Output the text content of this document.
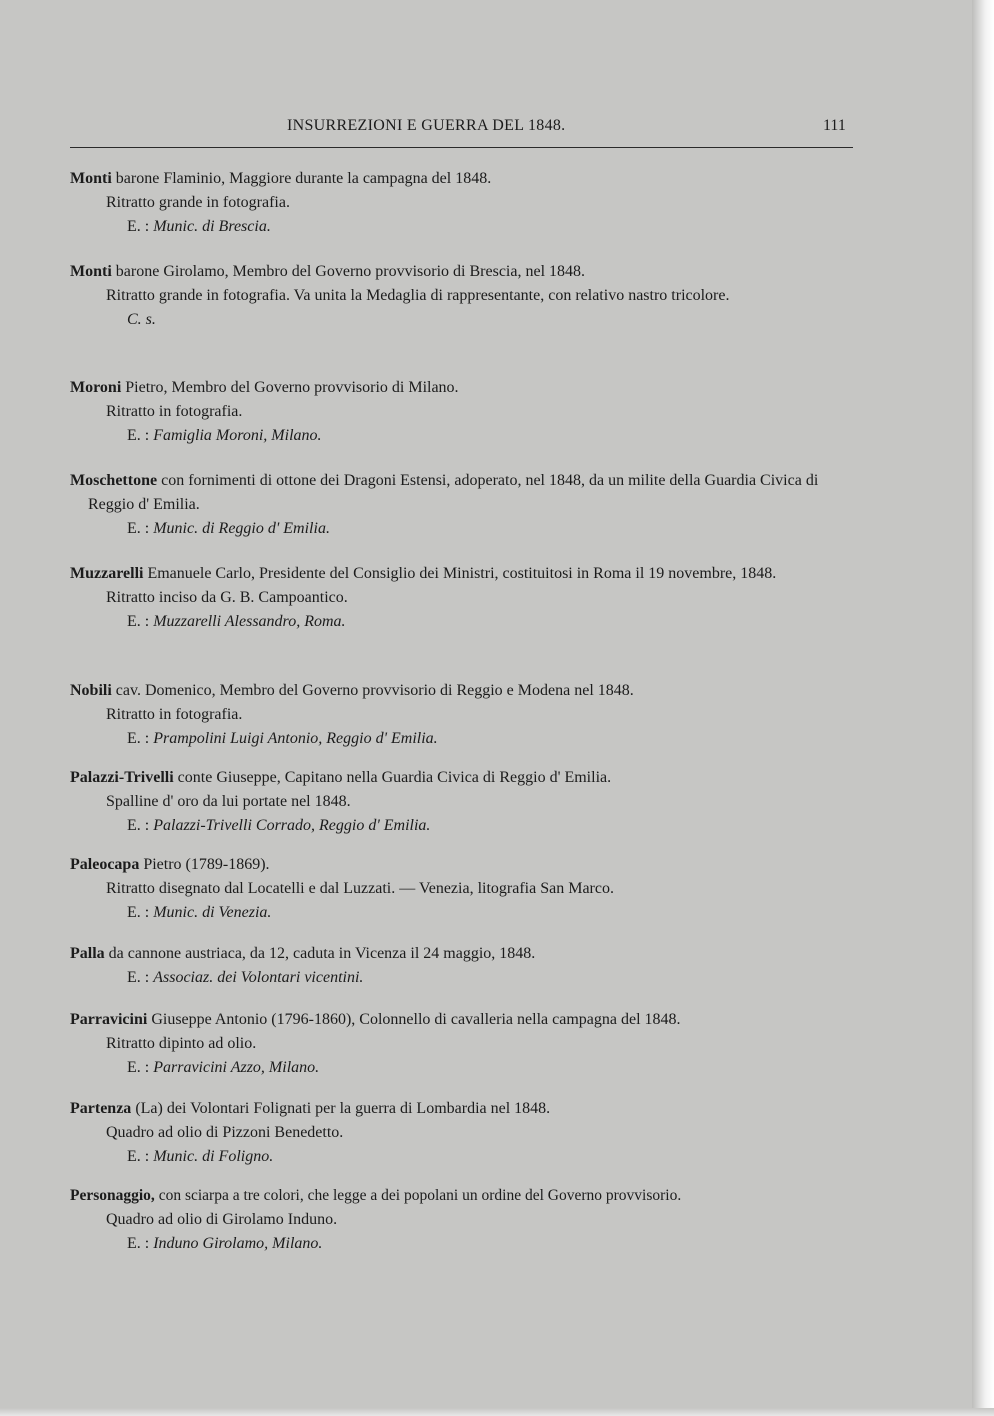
INSURREZIONI E GUERRA DEL 1848.	111
Monti barone Flaminio, Maggiore durante la campagna del 1848.
Ritratto grande in fotografia.
E. : Munic. di Brescia.
Monti barone Girolamo, Membro del Governo provvisorio di Brescia, nel 1848.
Ritratto grande in fotografia. Va unita la Medaglia di rappresentante, con relativo nastro tricolore.
C. s.
Moroni Pietro, Membro del Governo provvisorio di Milano.
Ritratto in fotografia.
E. : Famiglia Moroni, Milano.
Moschettone con fornimenti di ottone dei Dragoni Estensi, adoperato, nel 1848, da un milite della Guardia Civica di Reggio d' Emilia.
E. : Munic. di Reggio d' Emilia.
Muzzarelli Emanuele Carlo, Presidente del Consiglio dei Ministri, costituitosi in Roma il 19 novembre, 1848.
Ritratto inciso da G. B. Campoantico.
E. : Muzzarelli Alessandro, Roma.
Nobili cav. Domenico, Membro del Governo provvisorio di Reggio e Modena nel 1848.
Ritratto in fotografia.
E. : Prampolini Luigi Antonio, Reggio d' Emilia.
Palazzi-Trivelli conte Giuseppe, Capitano nella Guardia Civica di Reggio d' Emilia.
Spalline d' oro da lui portate nel 1848.
E. : Palazzi-Trivelli Corrado, Reggio d' Emilia.
Paleocapa Pietro (1789-1869).
Ritratto disegnato dal Locatelli e dal Luzzati. — Venezia, litografia San Marco.
E. : Munic. di Venezia.
Palla da cannone austriaca, da 12, caduta in Vicenza il 24 maggio, 1848.
E. : Associaz. dei Volontari vicentini.
Parravicini Giuseppe Antonio (1796-1860), Colonnello di cavalleria nella campagna del 1848.
Ritratto dipinto ad olio.
E. : Parravicini Azzo, Milano.
Partenza (La) dei Volontari Folignati per la guerra di Lombardia nel 1848.
Quadro ad olio di Pizzoni Benedetto.
E. : Munic. di Foligno.
Personaggio, con sciarpa a tre colori, che legge a dei popolani un ordine del Governo provvisorio.
Quadro ad olio di Girolamo Induno.
E. : Induno Girolamo, Milano.
